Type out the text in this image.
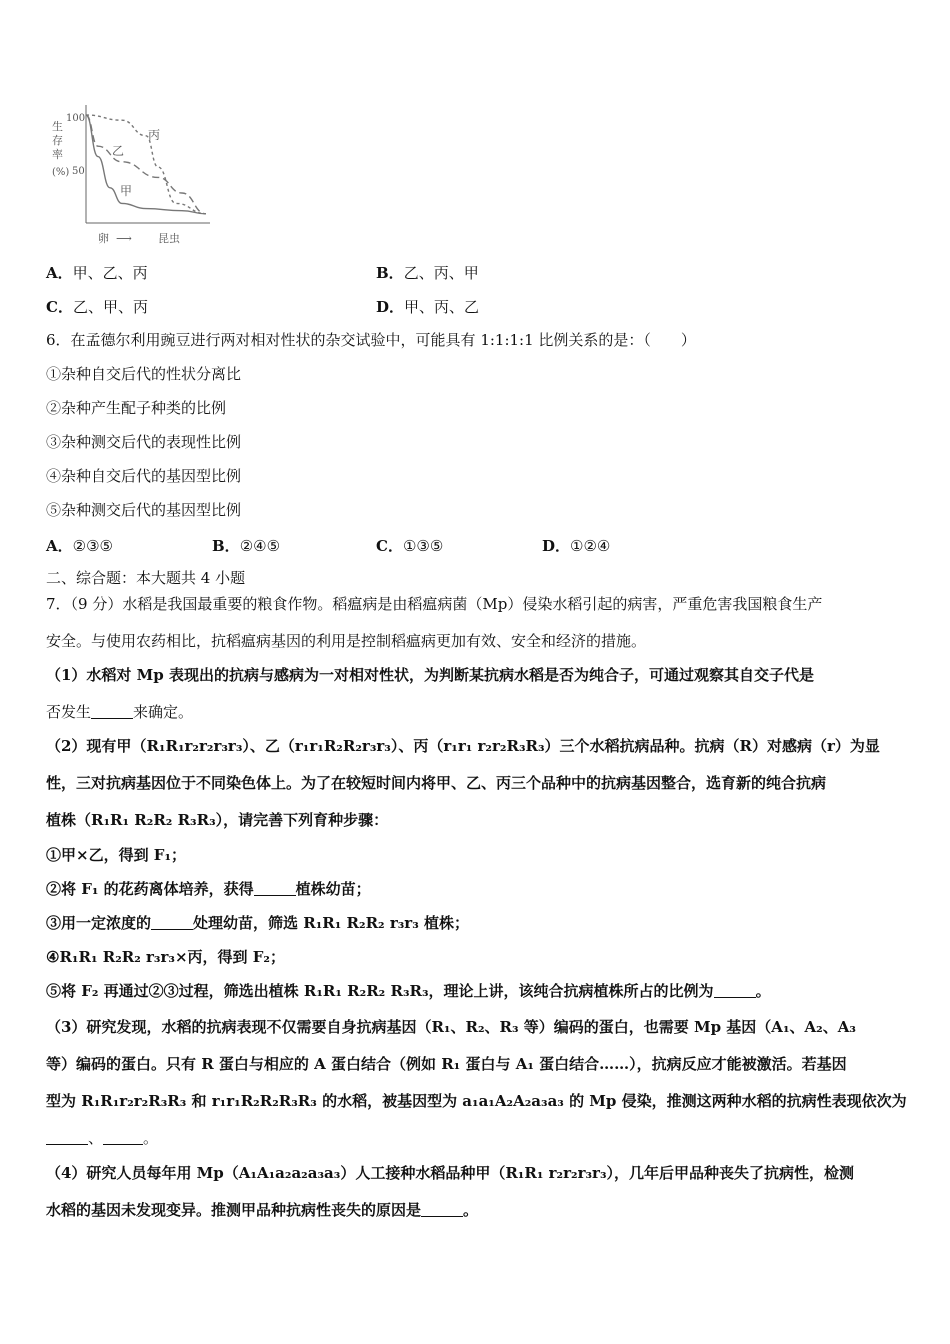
生
存
率
(%)
100
50
丙
乙
甲
卵 ⟶ 昆虫
A．甲、乙、丙	B．乙、丙、甲
C．乙、甲、丙	D．甲、丙、乙
6．在孟德尔利用豌豆进行两对相对性状的杂交试验中，可能具有 1:1:1:1 比例关系的是：（　　）
①杂种自交后代的性状分离比
②杂种产生配子种类的比例
③杂种测交后代的表现性比例
④杂种自交后代的基因型比例
⑤杂种测交后代的基因型比例
A．②③⑤	B．②④⑤	C．①③⑤	D．①②④
二、综合题：本大题共 4 小题
7．（9 分）水稻是我国最重要的粮食作物。稻瘟病是由稻瘟病菌（Mp）侵染水稻引起的病害，严重危害我国粮食生产
安全。与使用农药相比，抗稻瘟病基因的利用是控制稻瘟病更加有效、安全和经济的措施。
（1）水稻对 Mp 表现出的抗病与感病为一对相对性状，为判断某抗病水稻是否为纯合子，可通过观察其自交子代是
否发生	来确定。
（2）现有甲（R₁R₁r₂r₂r₃r₃）、乙（r₁r₁R₂R₂r₃r₃）、丙（r₁r₁ r₂r₂R₃R₃）三个水稻抗病品种。抗病（R）对感病（r）为显
性，三对抗病基因位于不同染色体上。为了在较短时间内将甲、乙、丙三个品种中的抗病基因整合，选育新的纯合抗病
植株（R₁R₁ R₂R₂ R₃R₃），请完善下列育种步骤：
①甲×乙，得到 F₁；
②将 F₁ 的花药离体培养，获得	植株幼苗；
③用一定浓度的	处理幼苗，筛选 R₁R₁ R₂R₂ r₃r₃ 植株；
④R₁R₁ R₂R₂ r₃r₃×丙，得到 F₂；
⑤将 F₂ 再通过②③过程，筛选出植株 R₁R₁ R₂R₂ R₃R₃，理论上讲，该纯合抗病植株所占的比例为	。
（3）研究发现，水稻的抗病表现不仅需要自身抗病基因（R₁、R₂、R₃ 等）编码的蛋白，也需要 Mp 基因（A₁、A₂、A₃
等）编码的蛋白。只有 R 蛋白与相应的 A 蛋白结合（例如 R₁ 蛋白与 A₁ 蛋白结合……），抗病反应才能被激活。若基因
型为 R₁R₁r₂r₂R₃R₃ 和 r₁r₁R₂R₂R₃R₃ 的水稻，被基因型为 a₁a₁A₂A₂a₃a₃ 的 Mp 侵染，推测这两种水稻的抗病性表现依次为
、	。
（4）研究人员每年用 Mp（A₁A₁a₂a₂a₃a₃）人工接种水稻品种甲（R₁R₁ r₂r₂r₃r₃），几年后甲品种丧失了抗病性，检测
水稻的基因未发现变异。推测甲品种抗病性丧失的原因是	。
